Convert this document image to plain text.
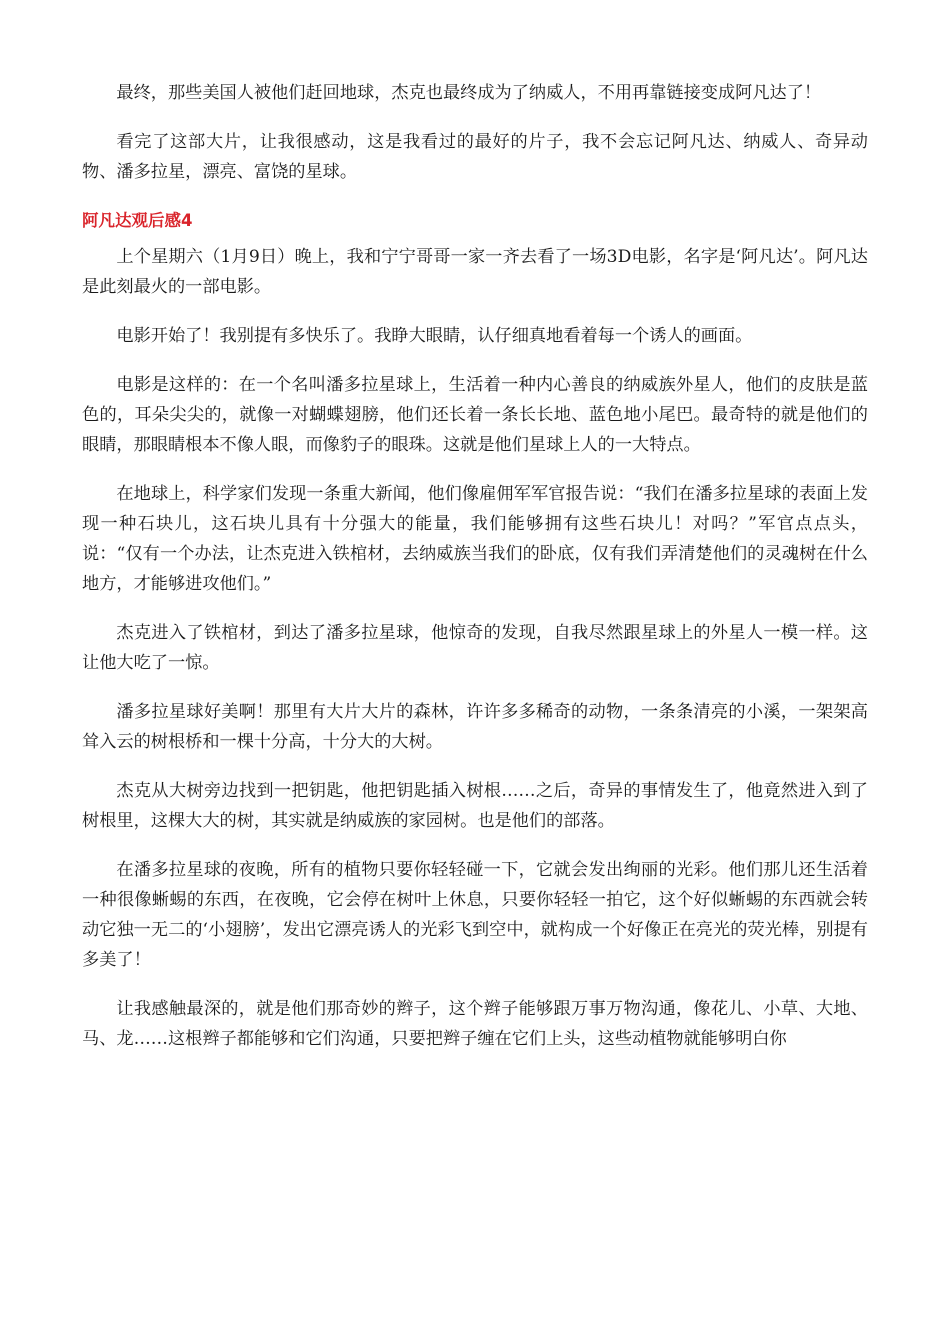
最终，那些美国人被他们赶回地球，杰克也最终成为了纳威人，不用再靠链接变成阿凡达了！

看完了这部大片，让我很感动，这是我看过的最好的片子，我不会忘记阿凡达、纳威人、奇异动物、潘多拉星，漂亮、富饶的星球。

阿凡达观后感4

上个星期六（1月9日）晚上，我和宁宁哥哥一家一齐去看了一场3D电影，名字是‘阿凡达’。阿凡达是此刻最火的一部电影。

电影开始了！我别提有多快乐了。我睁大眼睛，认仔细真地看着每一个诱人的画面。

电影是这样的：在一个名叫潘多拉星球上，生活着一种内心善良的纳威族外星人，他们的皮肤是蓝色的，耳朵尖尖的，就像一对蝴蝶翅膀，他们还长着一条长长地、蓝色地小尾巴。最奇特的就是他们的眼睛，那眼睛根本不像人眼，而像豹子的眼珠。这就是他们星球上人的一大特点。

在地球上，科学家们发现一条重大新闻，他们像雇佣军军官报告说：“我们在潘多拉星球的表面上发现一种石块儿，这石块儿具有十分强大的能量，我们能够拥有这些石块儿！对吗？”军官点点头，说：“仅有一个办法，让杰克进入铁棺材，去纳威族当我们的卧底，仅有我们弄清楚他们的灵魂树在什么地方，才能够进攻他们。”

杰克进入了铁棺材，到达了潘多拉星球，他惊奇的发现，自我尽然跟星球上的外星人一模一样。这让他大吃了一惊。

潘多拉星球好美啊！那里有大片大片的森林，许许多多稀奇的动物，一条条清亮的小溪，一架架高耸入云的树根桥和一棵十分高，十分大的大树。

杰克从大树旁边找到一把钥匙，他把钥匙插入树根……之后，奇异的事情发生了，他竟然进入到了树根里，这棵大大的树，其实就是纳威族的家园树。也是他们的部落。

在潘多拉星球的夜晚，所有的植物只要你轻轻碰一下，它就会发出绚丽的光彩。他们那儿还生活着一种很像蜥蜴的东西，在夜晚，它会停在树叶上休息，只要你轻轻一拍它，这个好似蜥蜴的东西就会转动它独一无二的‘小翅膀’，发出它漂亮诱人的光彩飞到空中，就构成一个好像正在亮光的荧光棒，别提有多美了！

让我感触最深的，就是他们那奇妙的辫子，这个辫子能够跟万事万物沟通，像花儿、小草、大地、马、龙……这根辫子都能够和它们沟通，只要把辫子缠在它们上头，这些动植物就能够明白你
